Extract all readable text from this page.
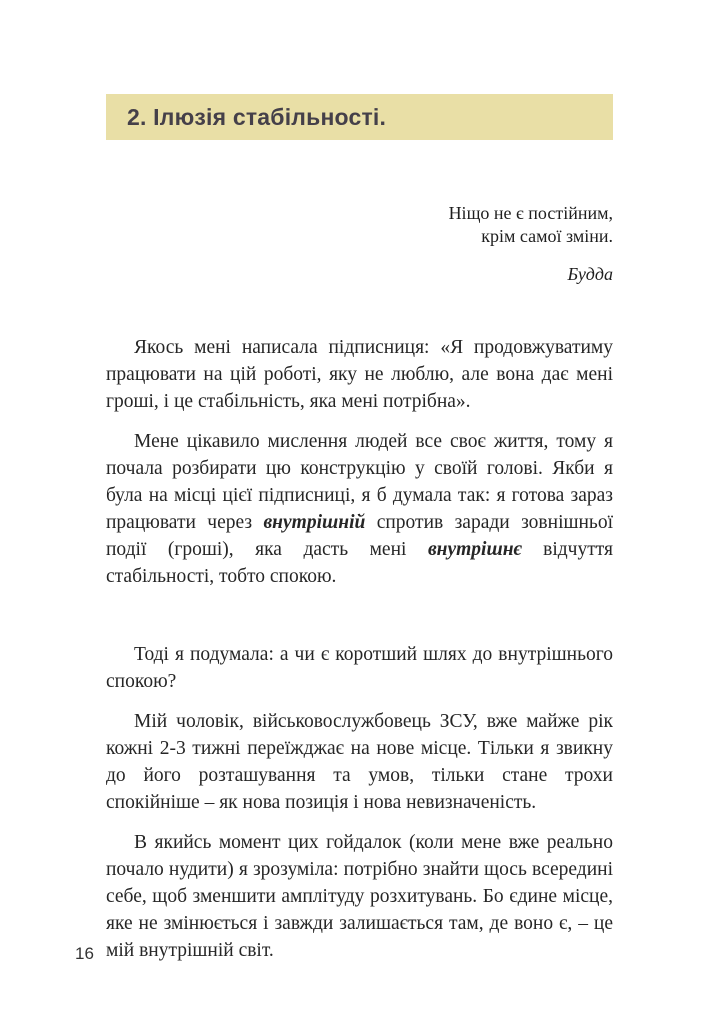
2. Ілюзія стабільності.
Ніщо не є постійним,
крім самої зміни.
Будда

Якось мені написала підписниця: «Я продовжуватиму працювати на цій роботі, яку не люблю, але вона дає мені гроші, і це стабільність, яка мені потрібна».

Мене цікавило мислення людей все своє життя, тому я почала розбирати цю конструкцію у своїй голові. Якби я була на місці цієї підписниці, я б думала так: я готова зараз працювати через внутрішній спротив заради зовнішньої події (гроші), яка дасть мені внутрішнє відчуття стабільності, тобто спокою.

Тоді я подумала: а чи є коротший шлях до внутрішнього спокою?

Мій чоловік, військовослужбовець ЗСУ, вже майже рік кожні 2-3 тижні переїжджає на нове місце. Тільки я звикну до його розташування та умов, тільки стане трохи спокійніше – як нова позиція і нова невизначеність.

В якийсь момент цих гойдалок (коли мене вже реально почало нудити) я зрозуміла: потрібно знайти щось всередині себе, щоб зменшити амплітуду розхитувань. Бо єдине місце, яке не змінюється і завжди залишається там, де воно є, – це мій внутрішній світ.

16
